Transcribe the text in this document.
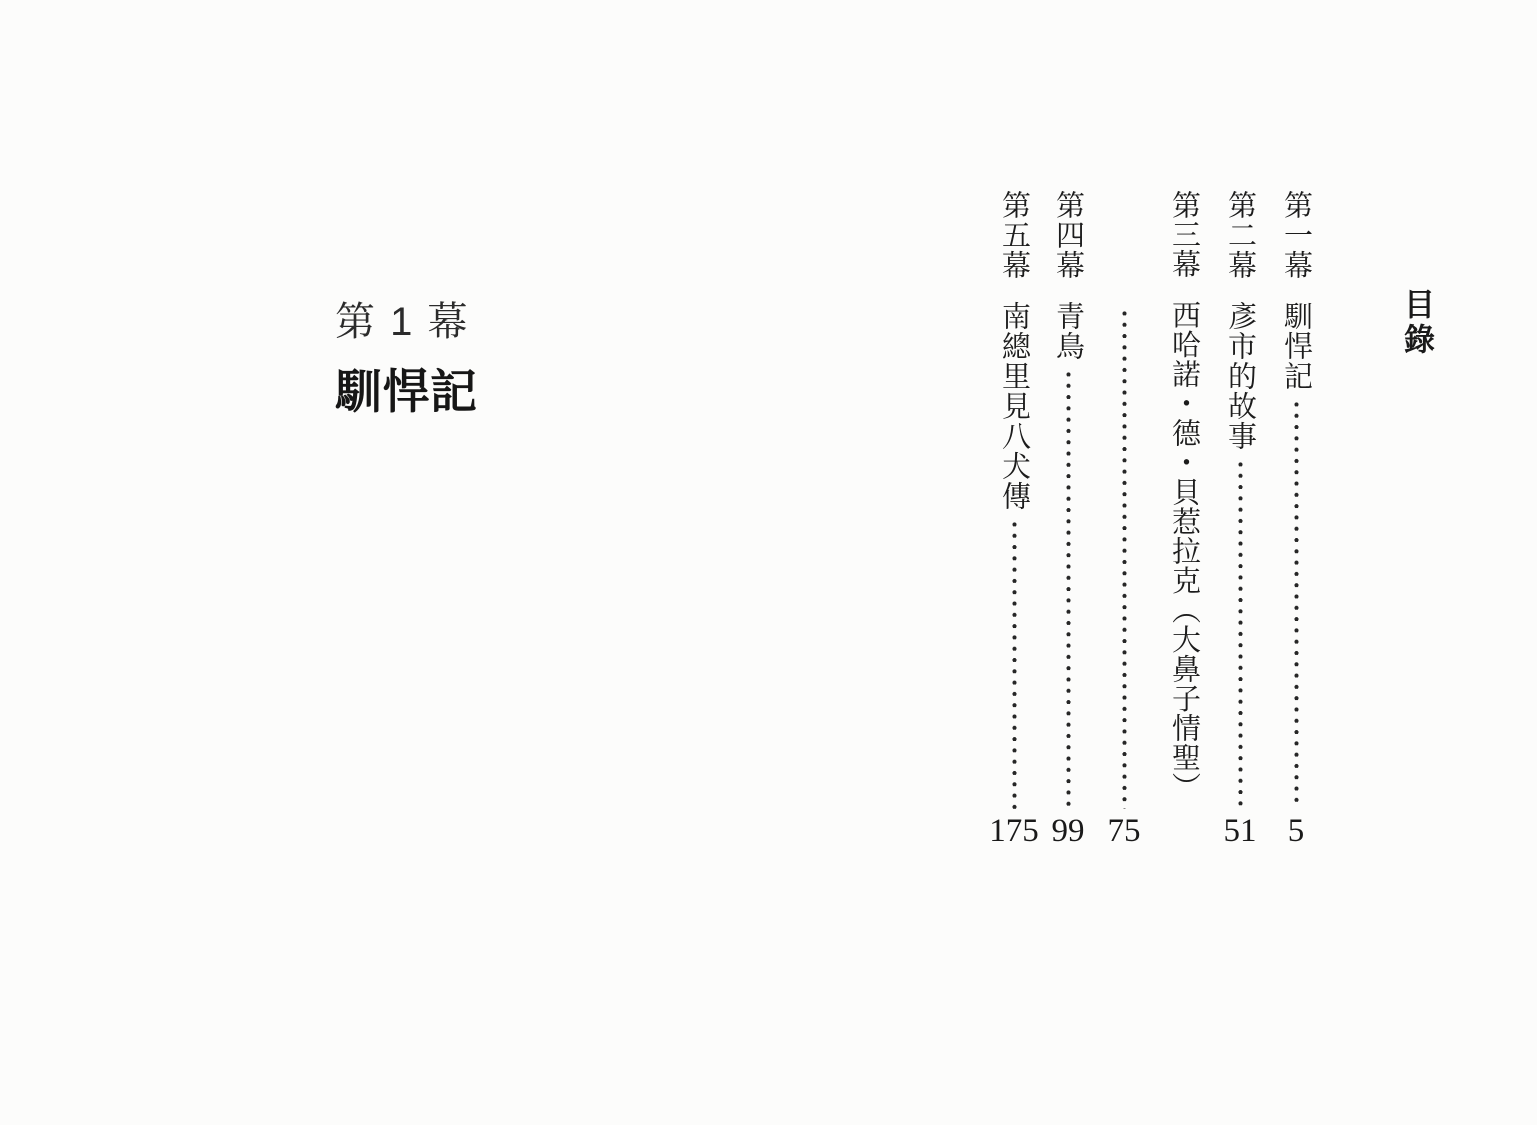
第 1 幕
馴悍記
目錄
第一幕
馴悍記
5
第二幕
彥市的故事
51
第三幕
西哈諾・德・貝惹拉克（大鼻子情聖）
75
第四幕
青鳥
99
第五幕
南總里見八犬傳
175
